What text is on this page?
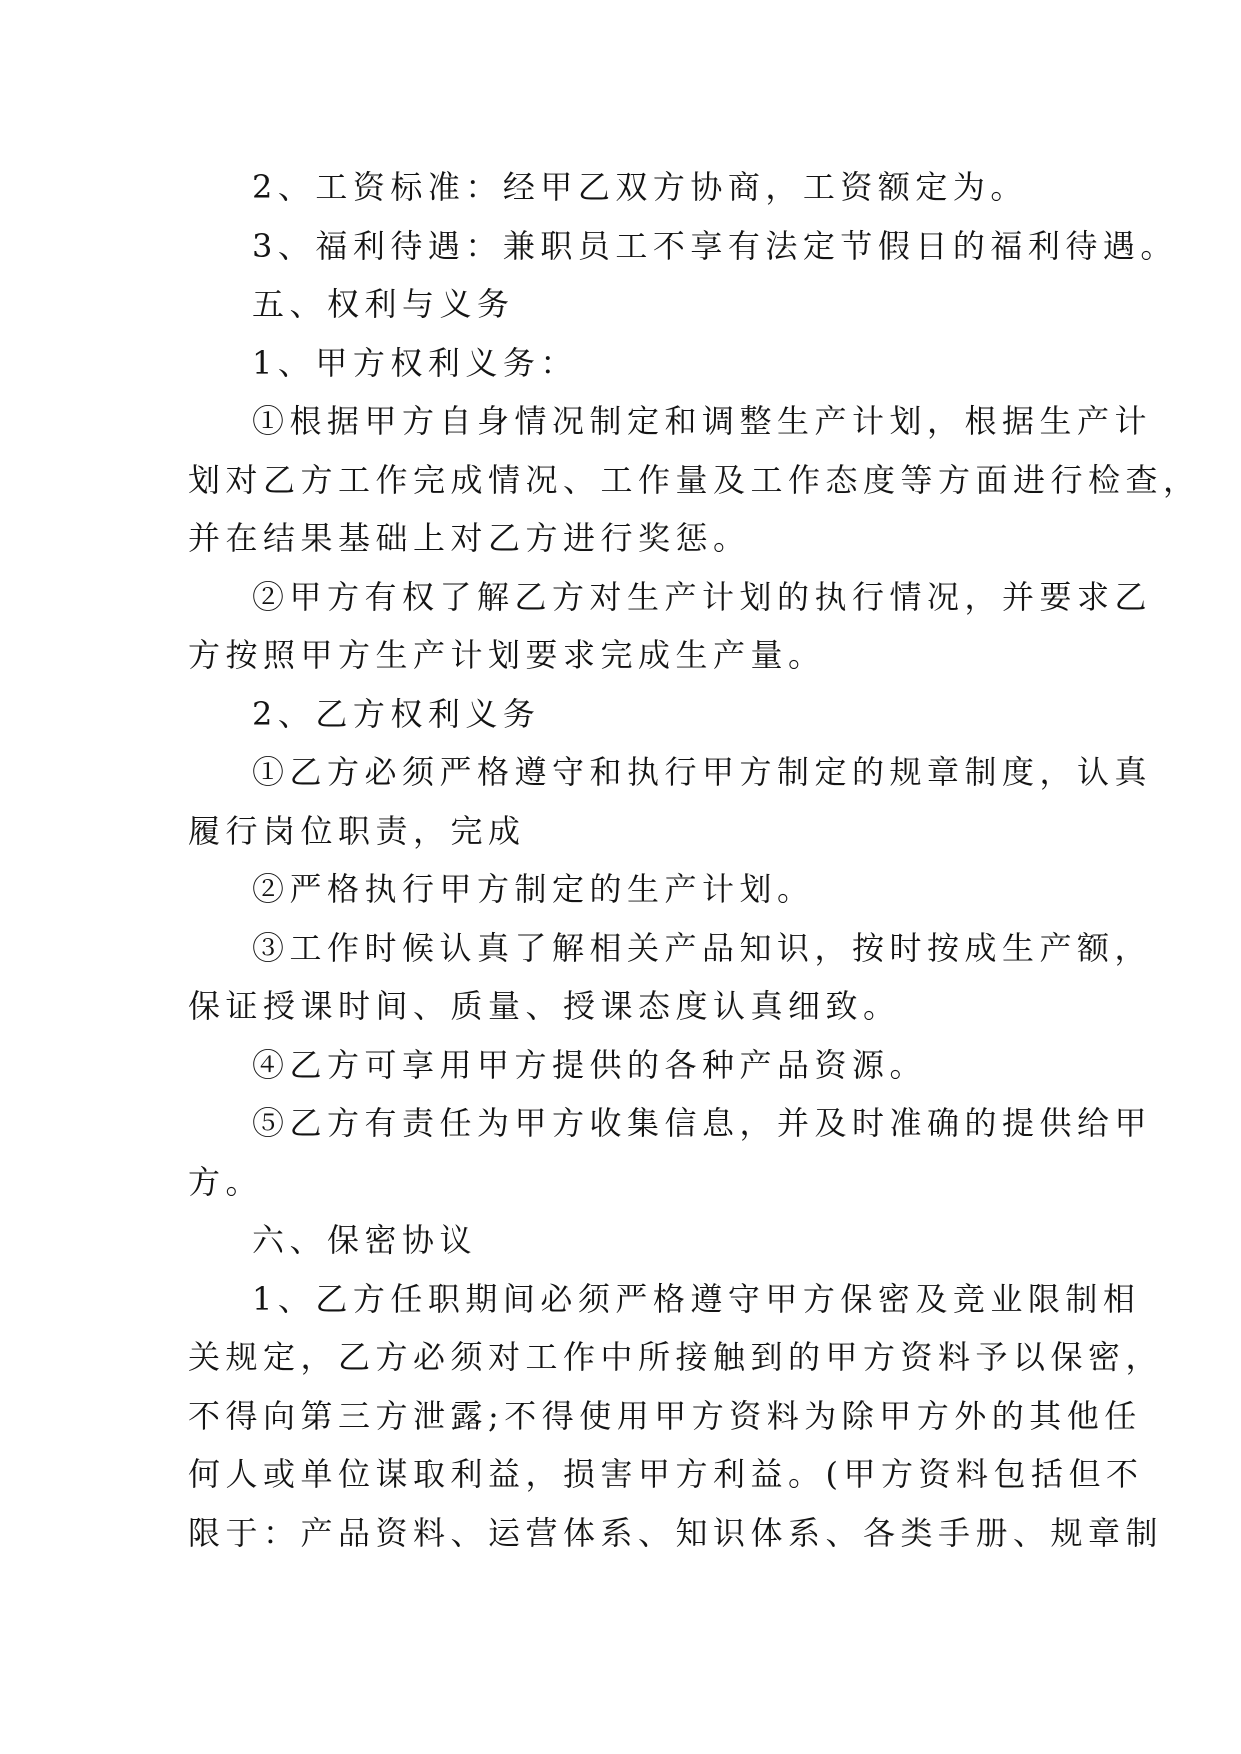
2、工资标准：经甲乙双方协商，工资额定为。
3、福利待遇：兼职员工不享有法定节假日的福利待遇。
五、权利与义务
1、甲方权利义务：
①根据甲方自身情况制定和调整生产计划，根据生产计
划对乙方工作完成情况、工作量及工作态度等方面进行检查，
并在结果基础上对乙方进行奖惩。
②甲方有权了解乙方对生产计划的执行情况，并要求乙
方按照甲方生产计划要求完成生产量。
2、乙方权利义务
①乙方必须严格遵守和执行甲方制定的规章制度，认真
履行岗位职责，完成
②严格执行甲方制定的生产计划。
③工作时候认真了解相关产品知识，按时按成生产额，
保证授课时间、质量、授课态度认真细致。
④乙方可享用甲方提供的各种产品资源。
⑤乙方有责任为甲方收集信息，并及时准确的提供给甲
方。
六、保密协议
1、乙方任职期间必须严格遵守甲方保密及竞业限制相
关规定，乙方必须对工作中所接触到的甲方资料予以保密，
不得向第三方泄露;不得使用甲方资料为除甲方外的其他任
何人或单位谋取利益，损害甲方利益。(甲方资料包括但不
限于：产品资料、运营体系、知识体系、各类手册、规章制
